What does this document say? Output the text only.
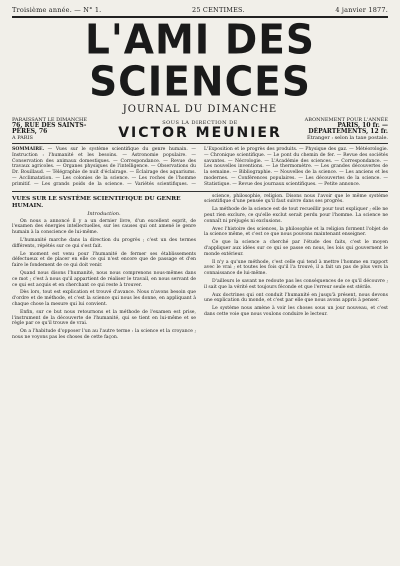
Troisième année. — N° 1.	25 CENTIMES.	4 janvier 1877.
L'AMI DES SCIENCES
JOURNAL DU DIMANCHE
PARAISSANT LE DIMANCHE
76, RUE DES SAINTS-PÈRES, 76
A PARIS
SOUS LA DIRECTION DE
VICTOR MEUNIER
ABONNEMENT POUR L'ANNÉE
PARIS, 10 fr. — DÉPARTEMENTS, 12 fr.
Étranger : selon la taxe postale.
SOMMAIRE. — Vues sur le système scientifique du genre humain. — Instruction : l'humanité et les besoins. — Astronomie populaire. — Conservation des animaux domestiques. — Correspondance. — Revue des travaux agricoles. — Organes physiques de l'intelligence. — Observations du Dr. Bouillaud. — Télégraphie de nuit d'éclairage. — Éclairage des aquariums. — Acclimatation. — Les colonies de la science. — Les roches de l'homme primitif. — Les grands poids de la science. — Variétés scientifiques. — L'Exposition et le progrès des produits. — Physique des gaz. — Météorologie. — Chronique scientifique. — Le pont du chemin de fer. — Revue des sociétés savantes. — Nécrologie. — L'Académie des sciences. — Correspondance. — Les nouvelles inventions. — Le thermomètre. — Les grandes découvertes de la semaine. — Bibliographie. — Nouvelles de la science. — Les anciens et les modernes. — Conférences populaires. — Les découvertes de la science. — Statistique. — Revue des journaux scientifiques. — Petite annonce.
VUES SUR LE SYSTÈME SCIENTIFIQUE DU GENRE HUMAIN.
Introduction.

On nous a annoncé il y a un dernier livre, d'un excellent esprit, de l'examen des énergies intellectuelles, sur les causes qui ont amené le genre humain à la conscience de lui-même.

L'humanité marche dans la direction du progrès ; c'est un des termes différents, répétés sur ce qui s'est fait.

Le moment est venu pour l'humanité de fermer ses établissements défectueux et de placer en elle ce qui n'est encore que de passage et d'en faire le fondement de ce qui doit venir.

Quand nous disons l'humanité, nous nous comprenons nous-mêmes dans ce mot ; c'est à nous qu'il appartient de réaliser le travail, en nous servant de ce qui est acquis et en cherchant ce qui reste à trouver.

Dès lors, tout est explication et trouvé d'avance. Nous n'avons besoin que d'ordre et de méthode, et c'est la science qui nous les donne, en appliquant à chaque chose la mesure qui lui convient.

Enfin, sur ce but nous retournons et la méthode de l'examen est prise, l'instrument de la découverte de l'humanité, qui se tient en lui-même et se règle par ce qu'il trouve de vrai.

On a l'habitude d'opposer l'un au l'autre terme : la science et la croyance ; nous ne voyons pas les choses de cette façon.

science, philosophie, religion. Disons nous l'avoir que le même système scientifique d'une pensée qu'il faut suivre dans ses progrès.

La méthode de la science est de tout recueillir pour tout expliquer ; elle ne peut rien exclure, ce qu'elle exclut serait perdu pour l'homme. La science ne connaît ni préjugés ni exclusions.

Avec l'histoire des sciences, la philosophie et la religion forment l'objet de la science même, et c'est ce que nous pouvons maintenant enseigner.

Ce que la science a cherché par l'étude des faits, c'est le moyen d'appliquer aux idées sur ce qui se passe en nous, les lois qui gouvernent le monde extérieur.

Il n'y a qu'une méthode, c'est celle qui tend à mettre l'homme en rapport avec le vrai ; et toutes les fois qu'il l'a trouvé, il a fait un pas de plus vers la connaissance de lui-même.

D'ailleurs le savant ne redoute pas les conséquences de ce qu'il découvre ; il sait que la vérité est toujours féconde et que l'erreur seule est stérile.

Aux doctrines qui ont conduit l'humanité en jusqu'à présent, nous devons une explication du monde, et c'est par elle que nous avons appris à penser.

Le système nous amène à voir les choses sous un jour nouveau, et c'est dans cette voie que nous voulons conduire le lecteur.
